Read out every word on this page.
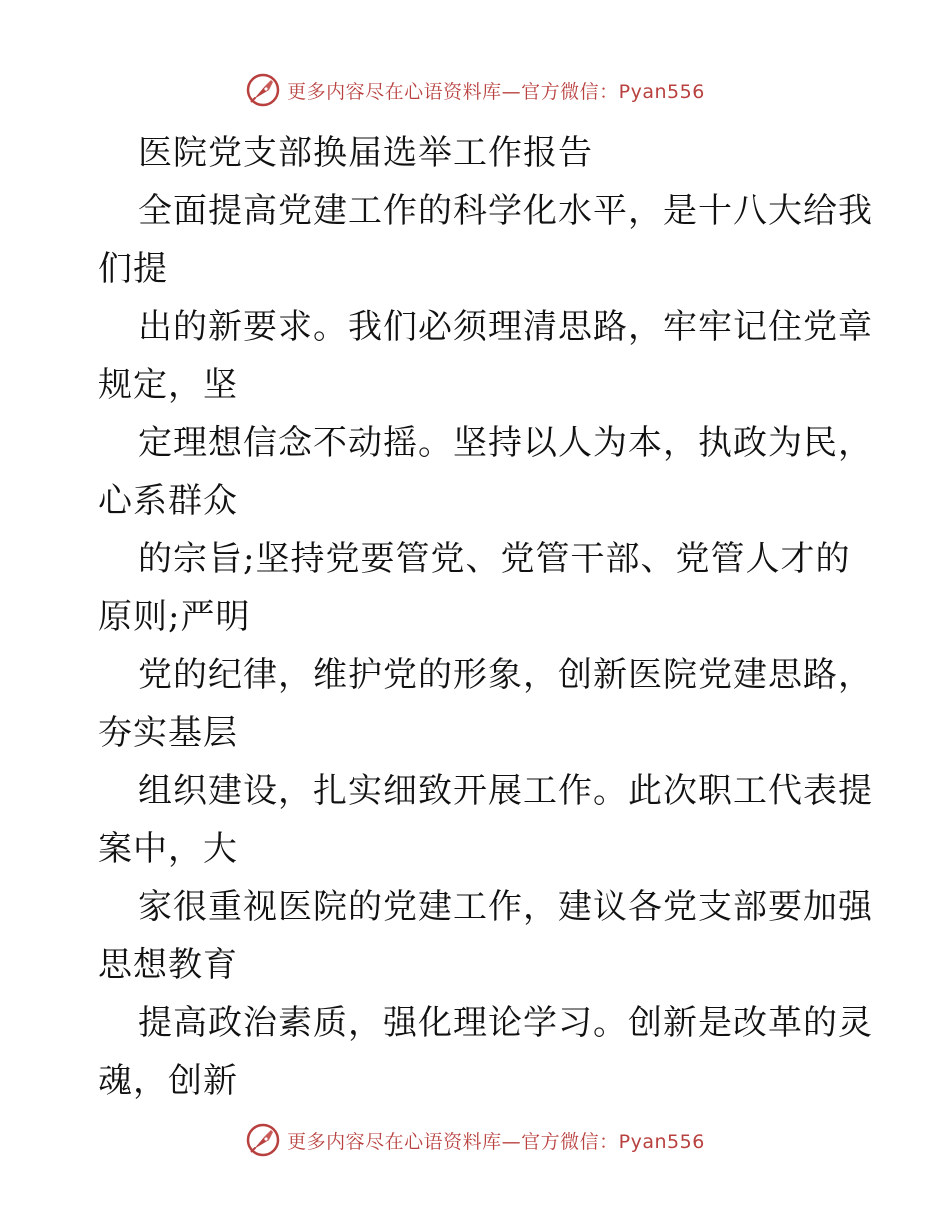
更多内容尽在心语资料库—官方微信：Pyan556
医院党支部换届选举工作报告
全面提高党建工作的科学化水平，是十八大给我
们提
出的新要求。我们必须理清思路，牢牢记住党章
规定，坚
定理想信念不动摇。坚持以人为本，执政为民，
心系群众
的宗旨;坚持党要管党、党管干部、党管人才的
原则;严明
党的纪律，维护党的形象，创新医院党建思路，
夯实基层
组织建设，扎实细致开展工作。此次职工代表提
案中，大
家很重视医院的党建工作，建议各党支部要加强
思想教育
提高政治素质，强化理论学习。创新是改革的灵
魂，创新
更多内容尽在心语资料库—官方微信：Pyan556
